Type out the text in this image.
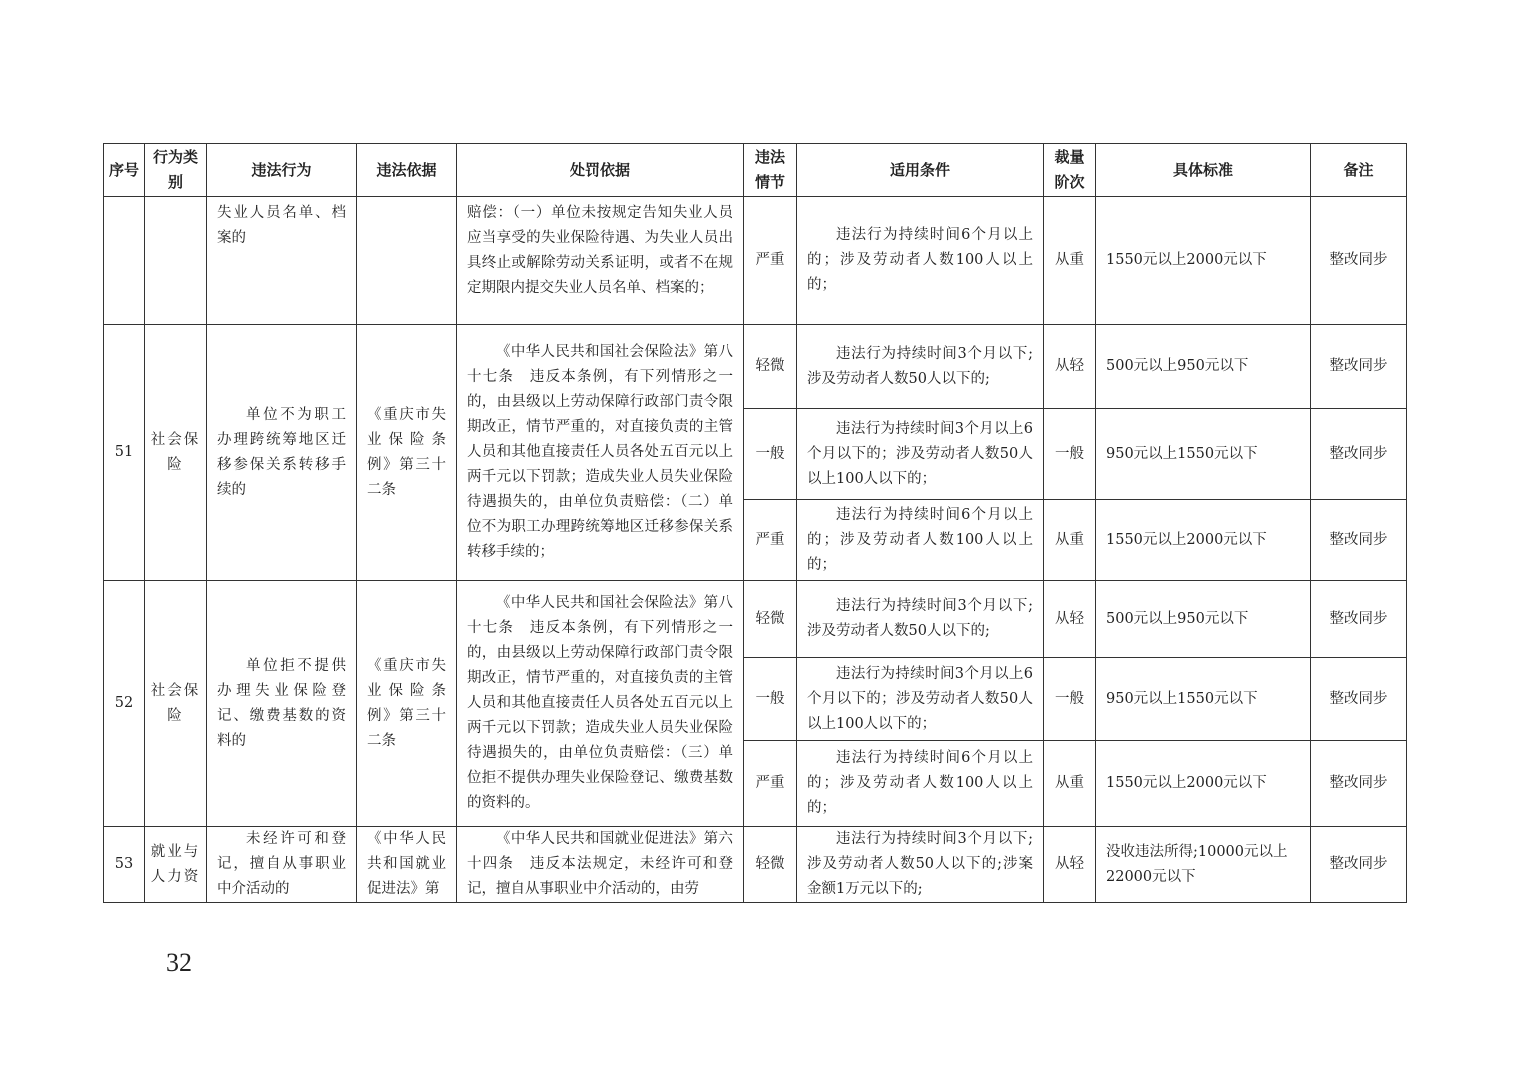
序号	行为类别	违法行为	违法依据	处罚依据	违法情节	适用条件	裁量阶次	具体标准	备注
		失业人员名单、档案的		赔偿：（一）单位未按规定告知失业人员应当享受的失业保险待遇、为失业人员出具终止或解除劳动关系证明，或者不在规定期限内提交失业人员名单、档案的；	严重	违法行为持续时间6个月以上的；涉及劳动者人数100人以上的；	从重	1550元以上2000元以下	整改同步
51	社会保险	单位不为职工办理跨统筹地区迁移参保关系转移手续的	《重庆市失业保险条例》第三十二条	《中华人民共和国社会保险法》第八十七条　违反本条例，有下列情形之一的，由县级以上劳动保障行政部门责令限期改正，情节严重的，对直接负责的主管人员和其他直接责任人员各处五百元以上两千元以下罚款；造成失业人员失业保险待遇损失的，由单位负责赔偿：（二）单位不为职工办理跨统筹地区迁移参保关系转移手续的；	轻微	违法行为持续时间3个月以下;涉及劳动者人数50人以下的;	从轻	500元以上950元以下	整改同步
					一般	违法行为持续时间3个月以上6个月以下的；涉及劳动者人数50人以上100人以下的；	一般	950元以上1550元以下	整改同步
					严重	违法行为持续时间6个月以上的；涉及劳动者人数100人以上的；	从重	1550元以上2000元以下	整改同步
52	社会保险	单位拒不提供办理失业保险登记、缴费基数的资料的	《重庆市失业保险条例》第三十二条	《中华人民共和国社会保险法》第八十七条　违反本条例，有下列情形之一的，由县级以上劳动保障行政部门责令限期改正，情节严重的，对直接负责的主管人员和其他直接责任人员各处五百元以上两千元以下罚款；造成失业人员失业保险待遇损失的，由单位负责赔偿：（三）单位拒不提供办理失业保险登记、缴费基数的资料的。	轻微	违法行为持续时间3个月以下;涉及劳动者人数50人以下的;	从轻	500元以上950元以下	整改同步
					一般	违法行为持续时间3个月以上6个月以下的；涉及劳动者人数50人以上100人以下的；	一般	950元以上1550元以下	整改同步
					严重	违法行为持续时间6个月以上的；涉及劳动者人数100人以上的；	从重	1550元以上2000元以下	整改同步
53	就业与人力资	未经许可和登记，擅自从事职业中介活动的	《中华人民共和国就业促进法》第	《中华人民共和国就业促进法》第六十四条　违反本法规定，未经许可和登记，擅自从事职业中介活动的，由劳	轻微	违法行为持续时间3个月以下;涉及劳动者人数50人以下的;涉案金额1万元以下的;	从轻	没收违法所得;10000元以上22000元以下	整改同步
32
